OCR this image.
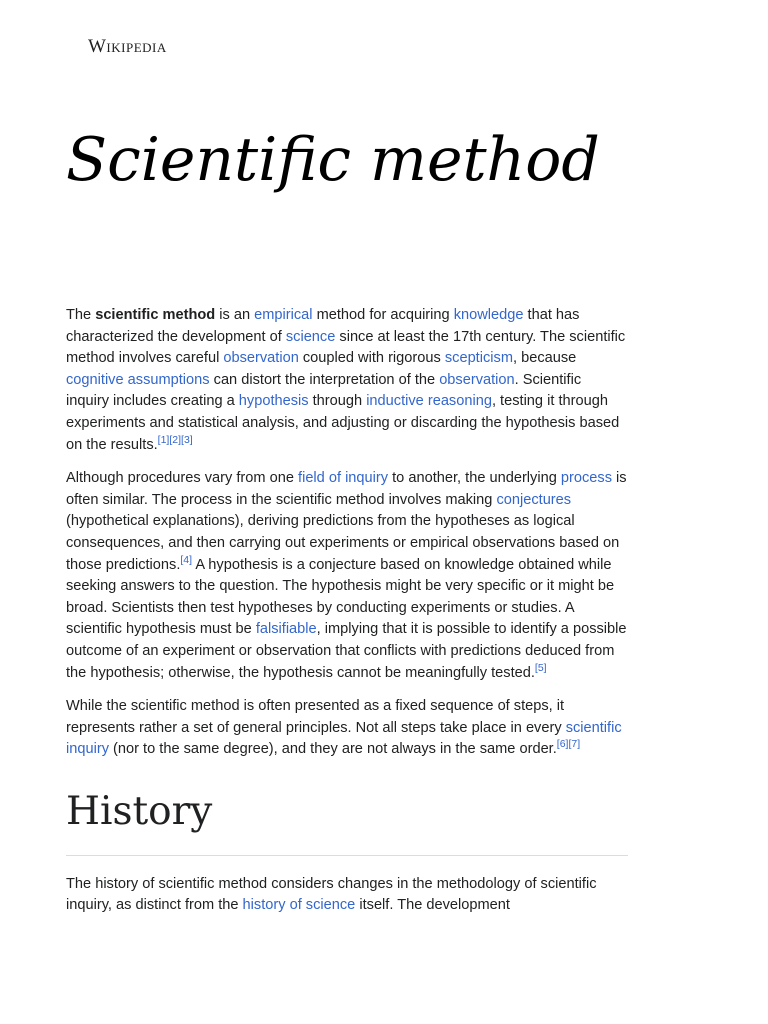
Wikipedia
Scientific method

The scientific method is an empirical method for acquiring knowledge that has characterized the development of science since at least the 17th century. The scientific method involves careful observation coupled with rigorous scepticism, because cognitive assumptions can distort the interpretation of the observation. Scientific inquiry includes creating a hypothesis through inductive reasoning, testing it through experiments and statistical analysis, and adjusting or discarding the hypothesis based on the results.[1][2][3]

Although procedures vary from one field of inquiry to another, the underlying process is often similar. The process in the scientific method involves making conjectures (hypothetical explanations), deriving predictions from the hypotheses as logical consequences, and then carrying out experiments or empirical observations based on those predictions.[4] A hypothesis is a conjecture based on knowledge obtained while seeking answers to the question. The hypothesis might be very specific or it might be broad. Scientists then test hypotheses by conducting experiments or studies. A scientific hypothesis must be falsifiable, implying that it is possible to identify a possible outcome of an experiment or observation that conflicts with predictions deduced from the hypothesis; otherwise, the hypothesis cannot be meaningfully tested.[5]

While the scientific method is often presented as a fixed sequence of steps, it represents rather a set of general principles. Not all steps take place in every scientific inquiry (nor to the same degree), and they are not always in the same order.[6][7]

History

The history of scientific method considers changes in the methodology of scientific inquiry, as distinct from the history of science itself. The development
